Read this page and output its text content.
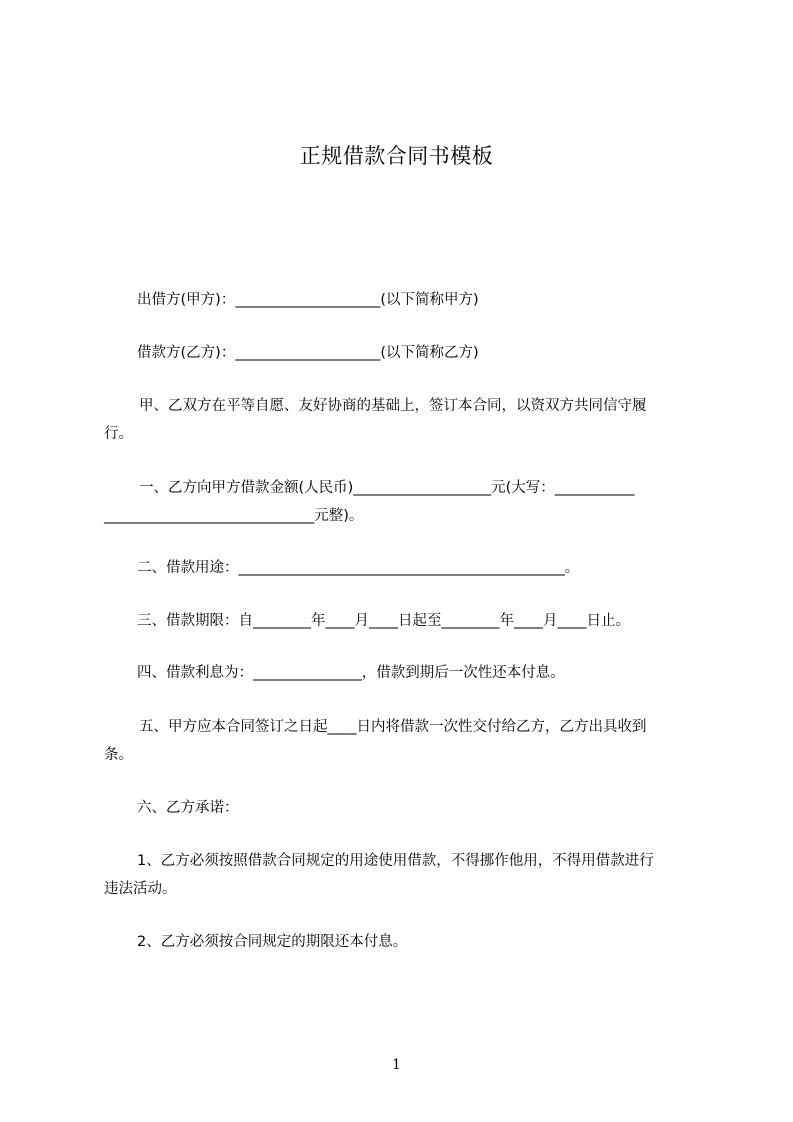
正规借款合同书模板
出借方(甲方)：____________________(以下简称甲方)
借款方(乙方)：____________________(以下简称乙方)
甲、乙双方在平等自愿、友好协商的基础上，签订本合同，以资双方共同信守履
行。
一、乙方向甲方借款金额(人民币)___________________元(大写：___________
_____________________________元整)。
二、借款用途：_____________________________________________。
三、借款期限：自________年____月____日起至________年____月____日止。
四、借款利息为：_______________，借款到期后一次性还本付息。
五、甲方应本合同签订之日起____日内将借款一次性交付给乙方，乙方出具收到
条。
六、乙方承诺：
1、乙方必须按照借款合同规定的用途使用借款，不得挪作他用，不得用借款进行
违法活动。
2、乙方必须按合同规定的期限还本付息。
1
